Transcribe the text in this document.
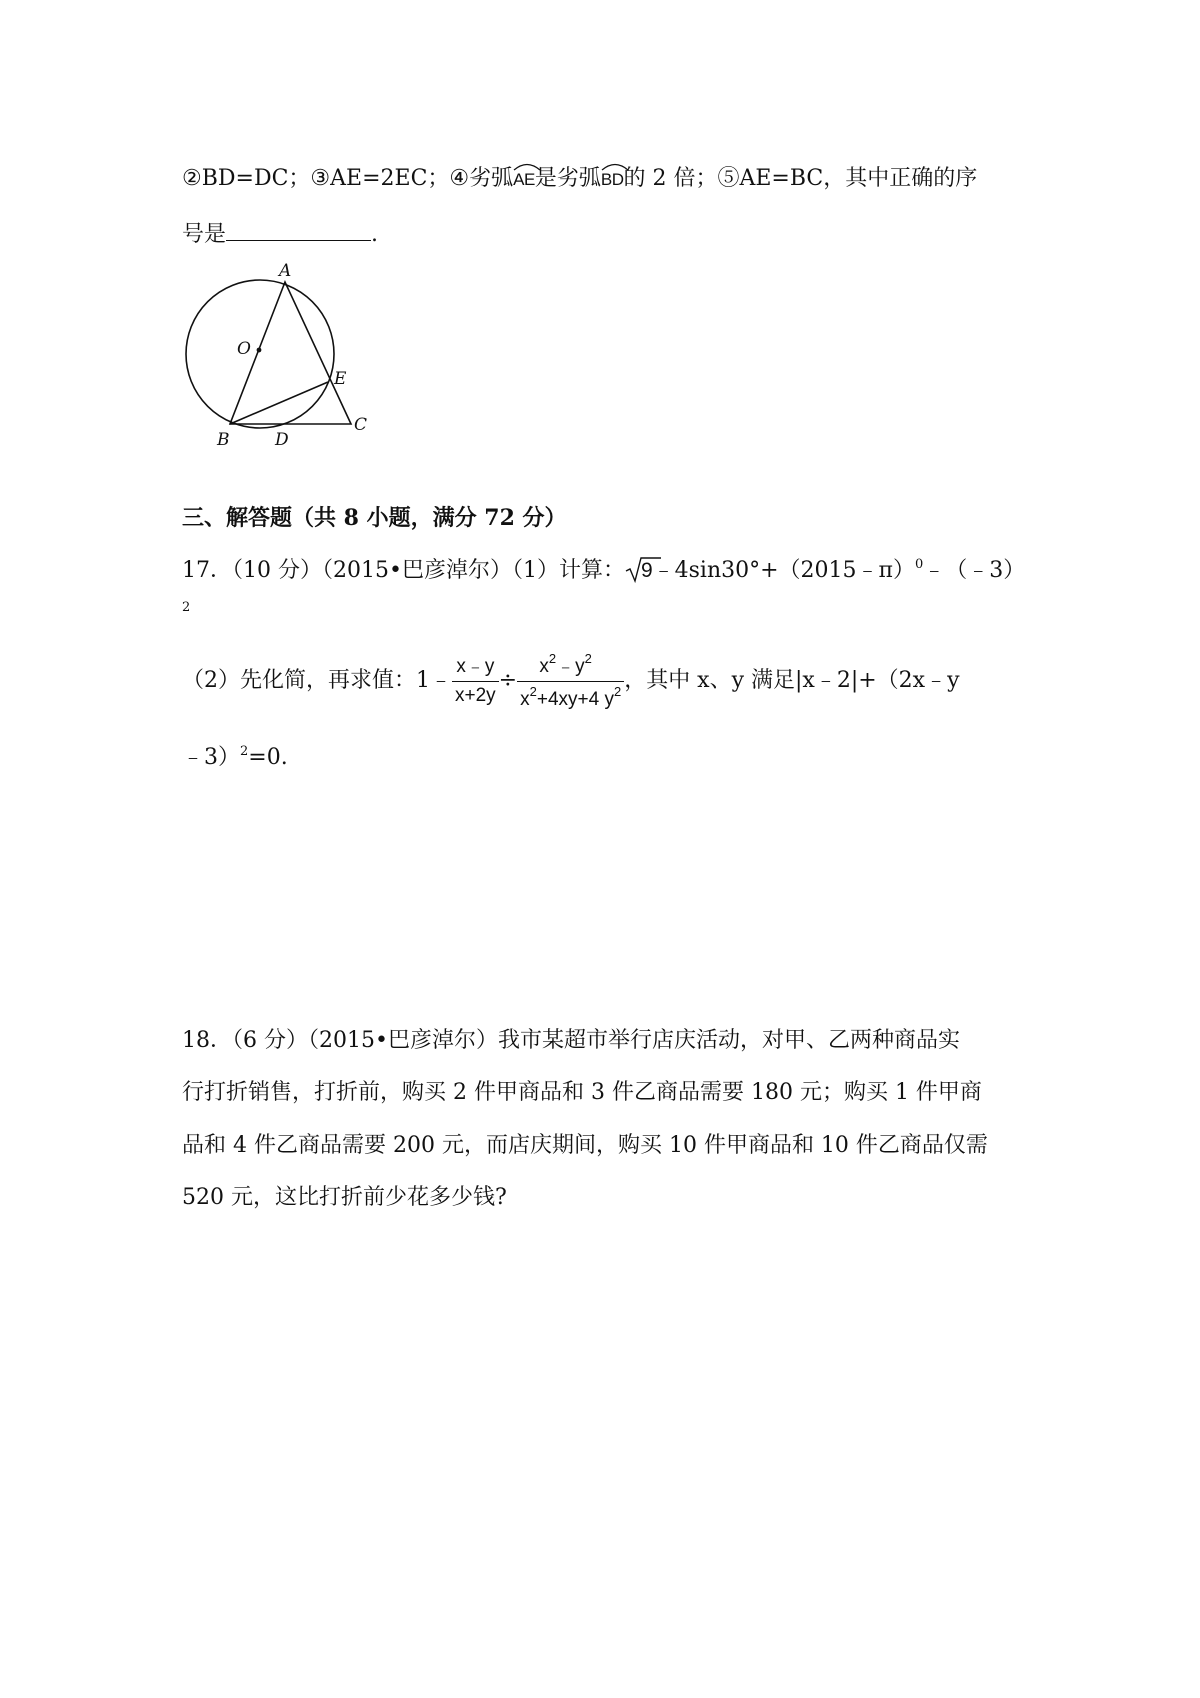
②BD=DC；③AE=2EC；④劣弧
AE是劣弧
BD的 2 倍；⑤AE=BC，其中正确的序
号是	.
A
O
E
B	D
C
三、解答题（共 8 小题，满分 72 分）
17．（10 分）（2015•巴彦淖尔）（1）计算： 9﹣4sin30°+（2015﹣π）$^0$﹣（﹣3）
2
（2）先化简，再求值：1﹣ $\frac{x﹣y}{x+2y} \div \frac{x^2﹣y^2}{x^2+4xy+4 y^2}$ ，其中 x、y 满足|x﹣2|+（2x﹣y
﹣3）$^2$=0.
18．（6 分）（2015•巴彦淖尔）我市某超市举行店庆活动，对甲、乙两种商品实
行打折销售，打折前，购买 2 件甲商品和 3 件乙商品需要 180 元；购买 1 件甲商
品和 4 件乙商品需要 200 元，而店庆期间，购买 10 件甲商品和 10 件乙商品仅需
520 元，这比打折前少花多少钱?
